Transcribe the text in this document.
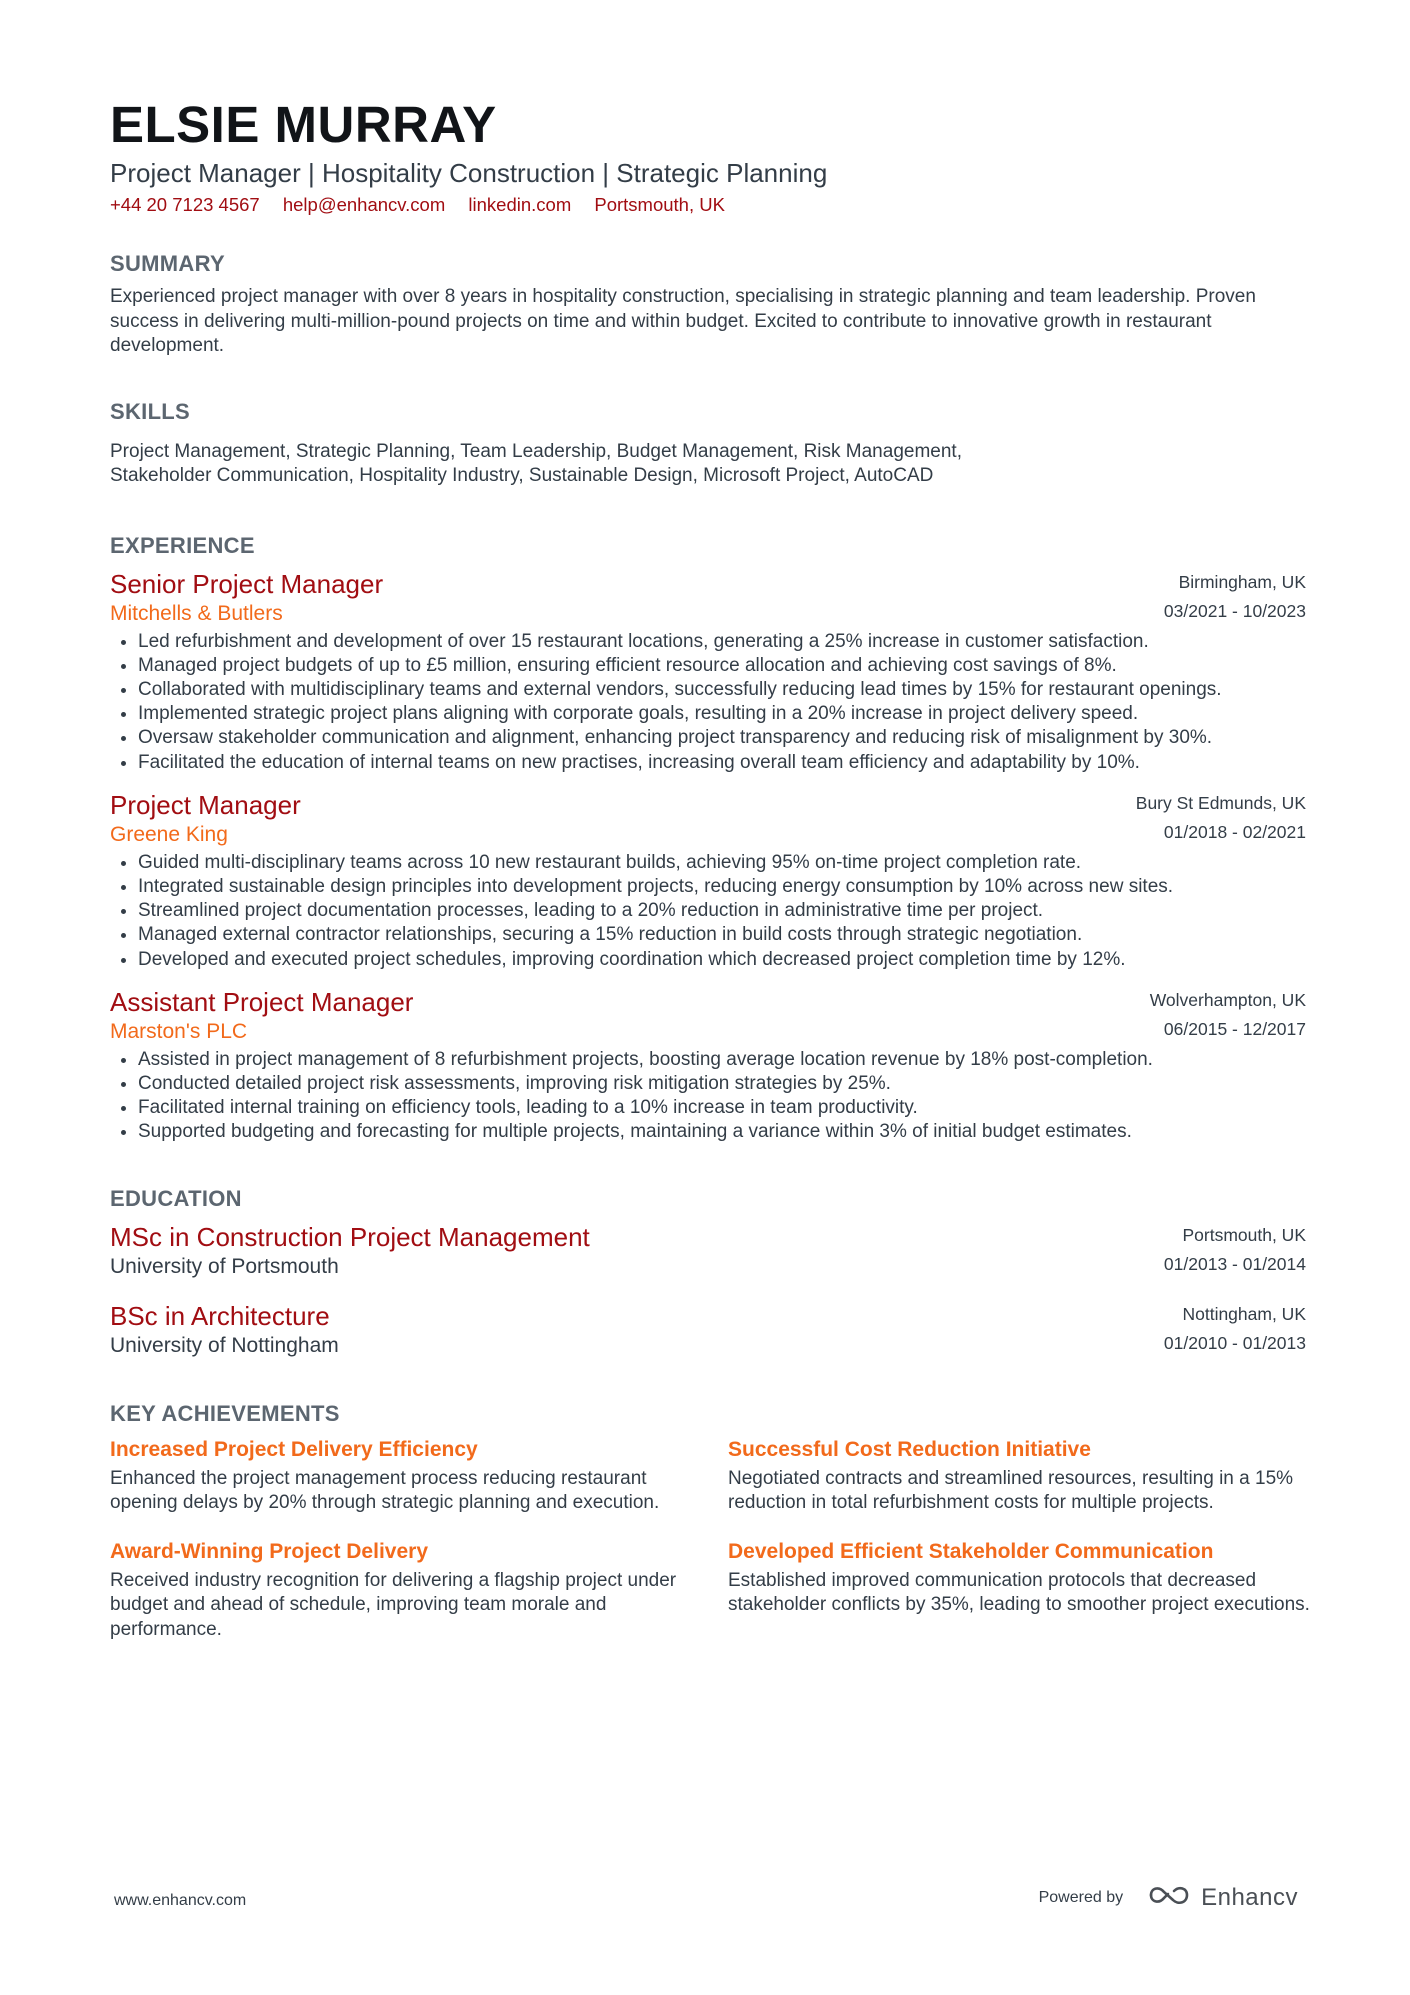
ELSIE MURRAY
Project Manager | Hospitality Construction | Strategic Planning
+44 20 7123 4567 help@enhancv.com linkedin.com Portsmouth, UK
SUMMARY
Experienced project manager with over 8 years in hospitality construction, specialising in strategic planning and team leadership. Proven success in delivering multi-million-pound projects on time and within budget. Excited to contribute to innovative growth in restaurant development.
SKILLS
Project Management, Strategic Planning, Team Leadership, Budget Management, Risk Management,
Stakeholder Communication, Hospitality Industry, Sustainable Design, Microsoft Project, AutoCAD
EXPERIENCE
Senior Project Manager
Mitchells & Butlers
Birmingham, UK
03/2021 - 10/2023
• Led refurbishment and development of over 15 restaurant locations, generating a 25% increase in customer satisfaction.
• Managed project budgets of up to £5 million, ensuring efficient resource allocation and achieving cost savings of 8%.
• Collaborated with multidisciplinary teams and external vendors, successfully reducing lead times by 15% for restaurant openings.
• Implemented strategic project plans aligning with corporate goals, resulting in a 20% increase in project delivery speed.
• Oversaw stakeholder communication and alignment, enhancing project transparency and reducing risk of misalignment by 30%.
• Facilitated the education of internal teams on new practises, increasing overall team efficiency and adaptability by 10%.
Project Manager
Greene King
Bury St Edmunds, UK
01/2018 - 02/2021
• Guided multi-disciplinary teams across 10 new restaurant builds, achieving 95% on-time project completion rate.
• Integrated sustainable design principles into development projects, reducing energy consumption by 10% across new sites.
• Streamlined project documentation processes, leading to a 20% reduction in administrative time per project.
• Managed external contractor relationships, securing a 15% reduction in build costs through strategic negotiation.
• Developed and executed project schedules, improving coordination which decreased project completion time by 12%.
Assistant Project Manager
Marston's PLC
Wolverhampton, UK
06/2015 - 12/2017
• Assisted in project management of 8 refurbishment projects, boosting average location revenue by 18% post-completion.
• Conducted detailed project risk assessments, improving risk mitigation strategies by 25%.
• Facilitated internal training on efficiency tools, leading to a 10% increase in team productivity.
• Supported budgeting and forecasting for multiple projects, maintaining a variance within 3% of initial budget estimates.
EDUCATION
MSc in Construction Project Management
University of Portsmouth
Portsmouth, UK
01/2013 - 01/2014
BSc in Architecture
University of Nottingham
Nottingham, UK
01/2010 - 01/2013
KEY ACHIEVEMENTS
Increased Project Delivery Efficiency
Enhanced the project management process reducing restaurant opening delays by 20% through strategic planning and execution.
Successful Cost Reduction Initiative
Negotiated contracts and streamlined resources, resulting in a 15% reduction in total refurbishment costs for multiple projects.
Award-Winning Project Delivery
Received industry recognition for delivering a flagship project under budget and ahead of schedule, improving team morale and performance.
Developed Efficient Stakeholder Communication
Established improved communication protocols that decreased stakeholder conflicts by 35%, leading to smoother project executions.
www.enhancv.com	Powered by	Enhancv
